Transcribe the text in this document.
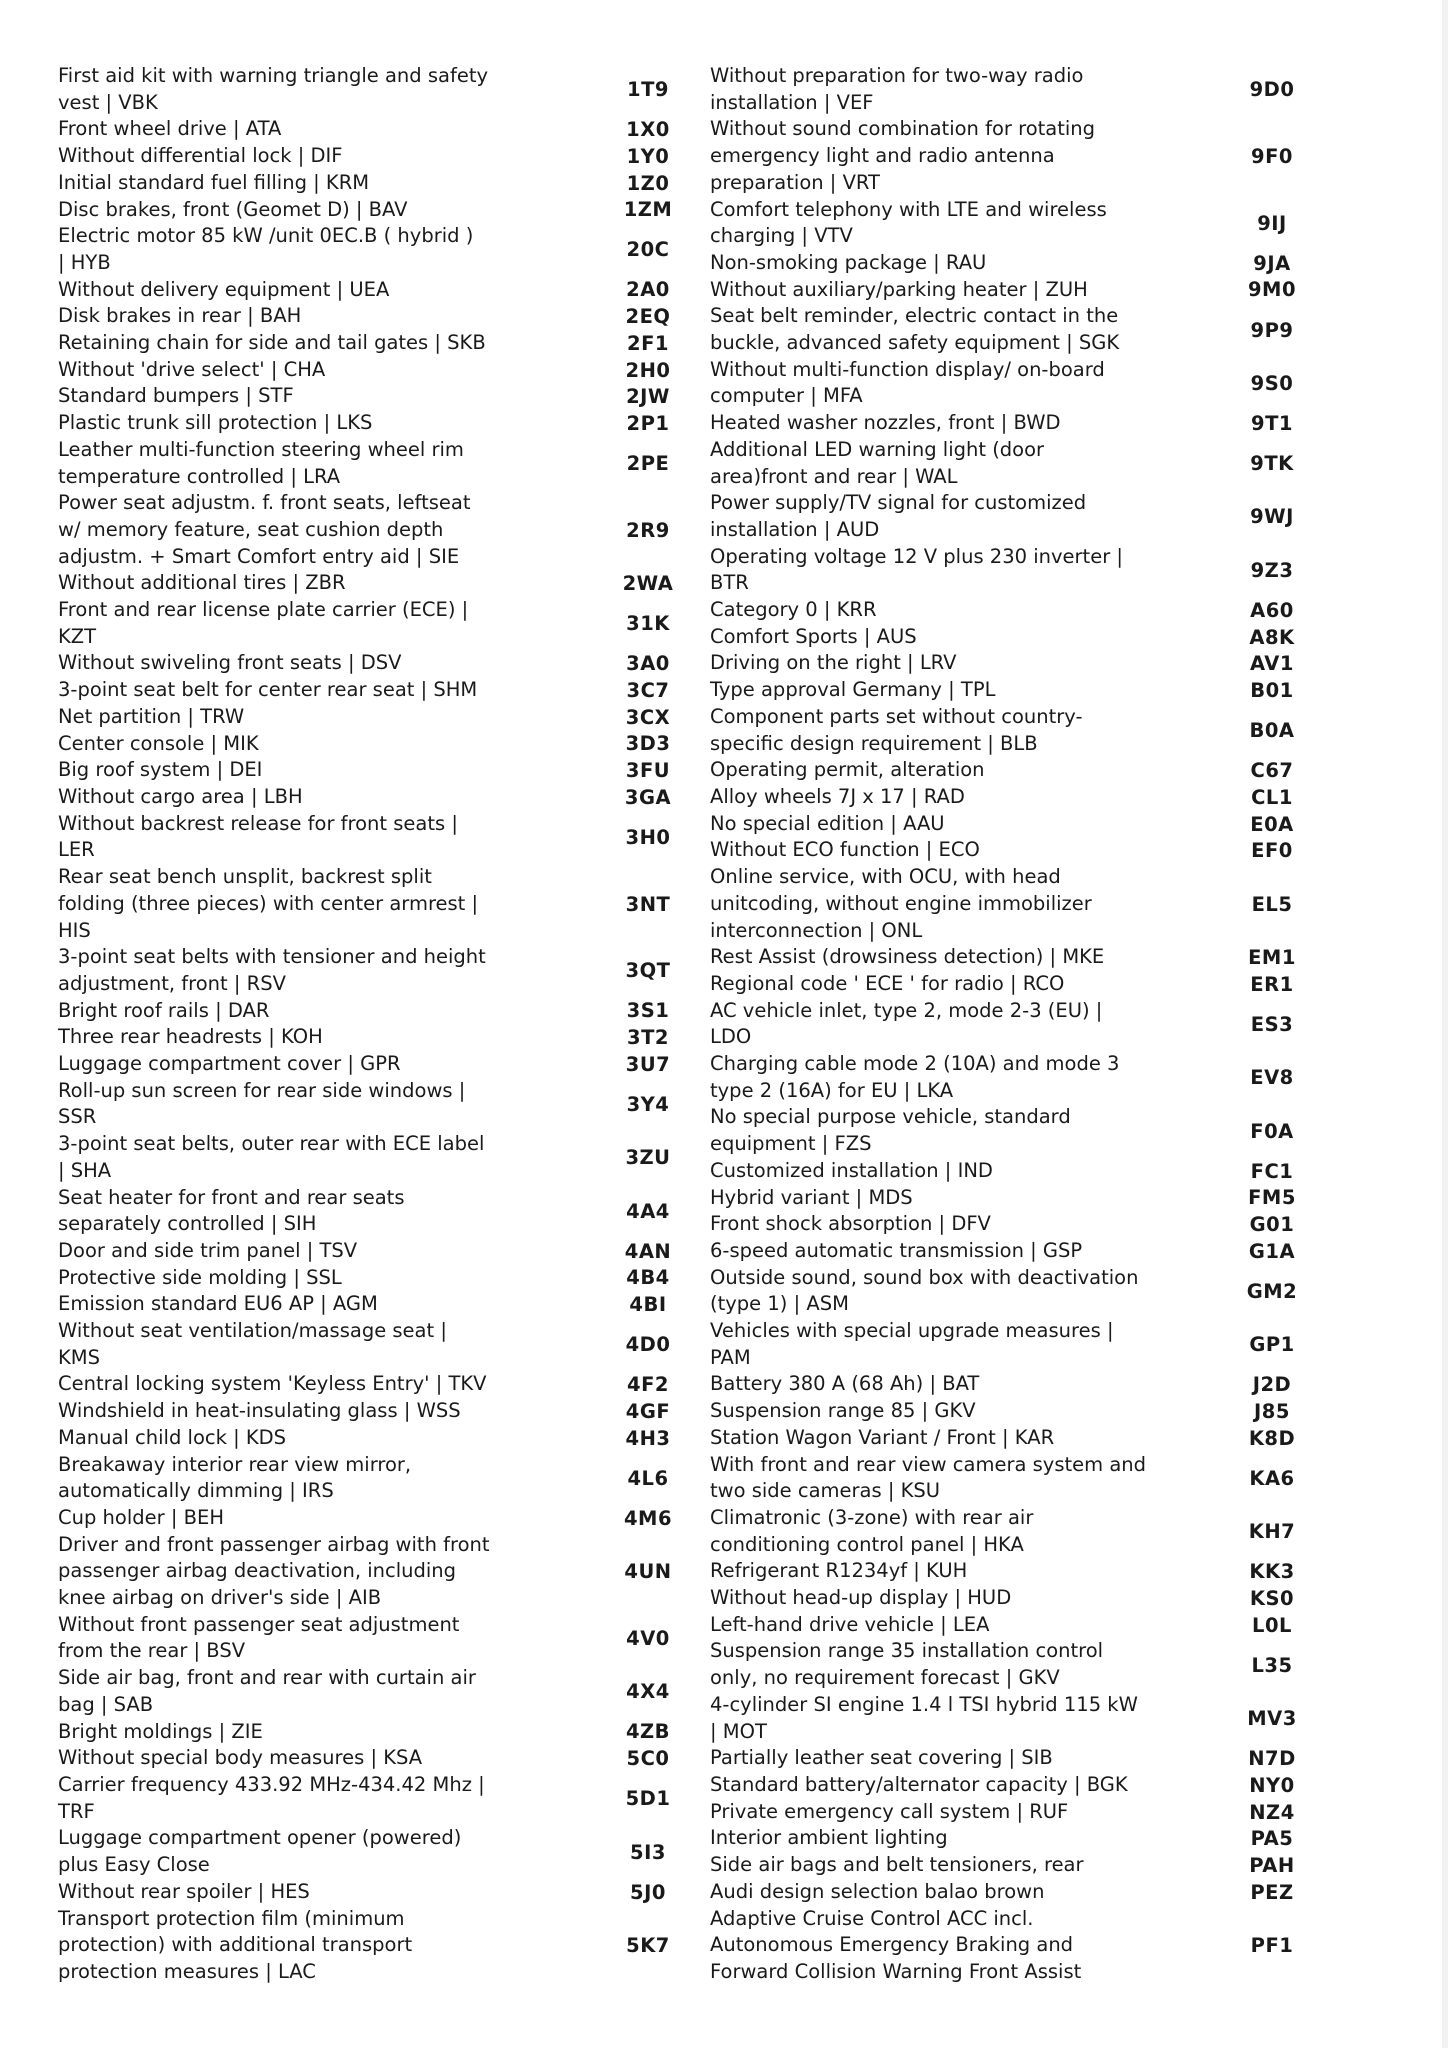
First aid kit with warning triangle and safety	1T9
vest | VBK	
Front wheel drive | ATA	1X0
Without differential lock | DIF	1Y0
Initial standard fuel filling | KRM	1Z0
Disc brakes, front (Geomet D) | BAV	1ZM
Electric motor 85 kW /unit 0EC.B ( hybrid )	20C
| HYB	
Without delivery equipment | UEA	2A0
Disk brakes in rear | BAH	2EQ
Retaining chain for side and tail gates | SKB	2F1
Without 'drive select' | CHA	2H0
Standard bumpers | STF	2JW
Plastic trunk sill protection | LKS	2P1
Leather multi-function steering wheel rim	2PE
temperature controlled | LRA	
Power seat adjustm. f. front seats, leftseat	2R9
w/ memory feature, seat cushion depth	
adjustm. + Smart Comfort entry aid | SIE	
Without additional tires | ZBR	2WA
Front and rear license plate carrier (ECE) |	31K
KZT	
Without swiveling front seats | DSV	3A0
3-point seat belt for center rear seat | SHM	3C7
Net partition | TRW	3CX
Center console | MIK	3D3
Big roof system | DEI	3FU
Without cargo area | LBH	3GA
Without backrest release for front seats |	3H0
LER	
Rear seat bench unsplit, backrest split	3NT
folding (three pieces) with center armrest |	
HIS	
3-point seat belts with tensioner and height	3QT
adjustment, front | RSV	
Bright roof rails | DAR	3S1
Three rear headrests | KOH	3T2
Luggage compartment cover | GPR	3U7
Roll-up sun screen for rear side windows |	3Y4
SSR	
3-point seat belts, outer rear with ECE label	3ZU
| SHA	
Seat heater for front and rear seats	4A4
separately controlled | SIH	
Door and side trim panel | TSV	4AN
Protective side molding | SSL	4B4
Emission standard EU6 AP | AGM	4BI
Without seat ventilation/massage seat |	4D0
KMS	
Central locking system 'Keyless Entry' | TKV	4F2
Windshield in heat-insulating glass | WSS	4GF
Manual child lock | KDS	4H3
Breakaway interior rear view mirror,	4L6
automatically dimming | IRS	
Cup holder | BEH	4M6
Driver and front passenger airbag with front	4UN
passenger airbag deactivation, including	
knee airbag on driver's side | AIB	
Without front passenger seat adjustment	4V0
from the rear | BSV	
Side air bag, front and rear with curtain air	4X4
bag | SAB	
Bright moldings | ZIE	4ZB
Without special body measures | KSA	5C0
Carrier frequency 433.92 MHz-434.42 Mhz |	5D1
TRF	
Luggage compartment opener (powered)	5I3
plus Easy Close	
Without rear spoiler | HES	5J0
Transport protection film (minimum	5K7
protection) with additional transport	
protection measures | LAC	
Without preparation for two-way radio	9D0
installation | VEF	
Without sound combination for rotating	9F0
emergency light and radio antenna	
preparation | VRT	
Comfort telephony with LTE and wireless	9IJ
charging | VTV	
Non-smoking package | RAU	9JA
Without auxiliary/parking heater | ZUH	9M0
Seat belt reminder, electric contact in the	9P9
buckle, advanced safety equipment | SGK	
Without multi-function display/ on-board	9S0
computer | MFA	
Heated washer nozzles, front | BWD	9T1
Additional LED warning light (door	9TK
area)front and rear | WAL	
Power supply/TV signal for customized	9WJ
installation | AUD	
Operating voltage 12 V plus 230 inverter |	9Z3
BTR	
Category 0 | KRR	A60
Comfort Sports | AUS	A8K
Driving on the right | LRV	AV1
Type approval Germany | TPL	B01
Component parts set without country-	B0A
specific design requirement | BLB	
Operating permit, alteration	C67
Alloy wheels 7J x 17 | RAD	CL1
No special edition | AAU	E0A
Without ECO function | ECO	EF0
Online service, with OCU, with head	EL5
unitcoding, without engine immobilizer	
interconnection | ONL	
Rest Assist (drowsiness detection) | MKE	EM1
Regional code ' ECE ' for radio | RCO	ER1
AC vehicle inlet, type 2, mode 2-3 (EU) |	ES3
LDO	
Charging cable mode 2 (10A) and mode 3	EV8
type 2 (16A) for EU | LKA	
No special purpose vehicle, standard	F0A
equipment | FZS	
Customized installation | IND	FC1
Hybrid variant | MDS	FM5
Front shock absorption | DFV	G01
6-speed automatic transmission | GSP	G1A
Outside sound, sound box with deactivation	GM2
(type 1) | ASM	
Vehicles with special upgrade measures |	GP1
PAM	
Battery 380 A (68 Ah) | BAT	J2D
Suspension range 85 | GKV	J85
Station Wagon Variant / Front | KAR	K8D
With front and rear view camera system and	KA6
two side cameras | KSU	
Climatronic (3-zone) with rear air	KH7
conditioning control panel | HKA	
Refrigerant R1234yf | KUH	KK3
Without head-up display | HUD	KS0
Left-hand drive vehicle | LEA	L0L
Suspension range 35 installation control	L35
only, no requirement forecast | GKV	
4-cylinder SI engine 1.4 l TSI hybrid 115 kW	MV3
| MOT	
Partially leather seat covering | SIB	N7D
Standard battery/alternator capacity | BGK	NY0
Private emergency call system | RUF	NZ4
Interior ambient lighting	PA5
Side air bags and belt tensioners, rear	PAH
Audi design selection balao brown	PEZ
Adaptive Cruise Control ACC incl.	PF1
Autonomous Emergency Braking and	
Forward Collision Warning Front Assist	
